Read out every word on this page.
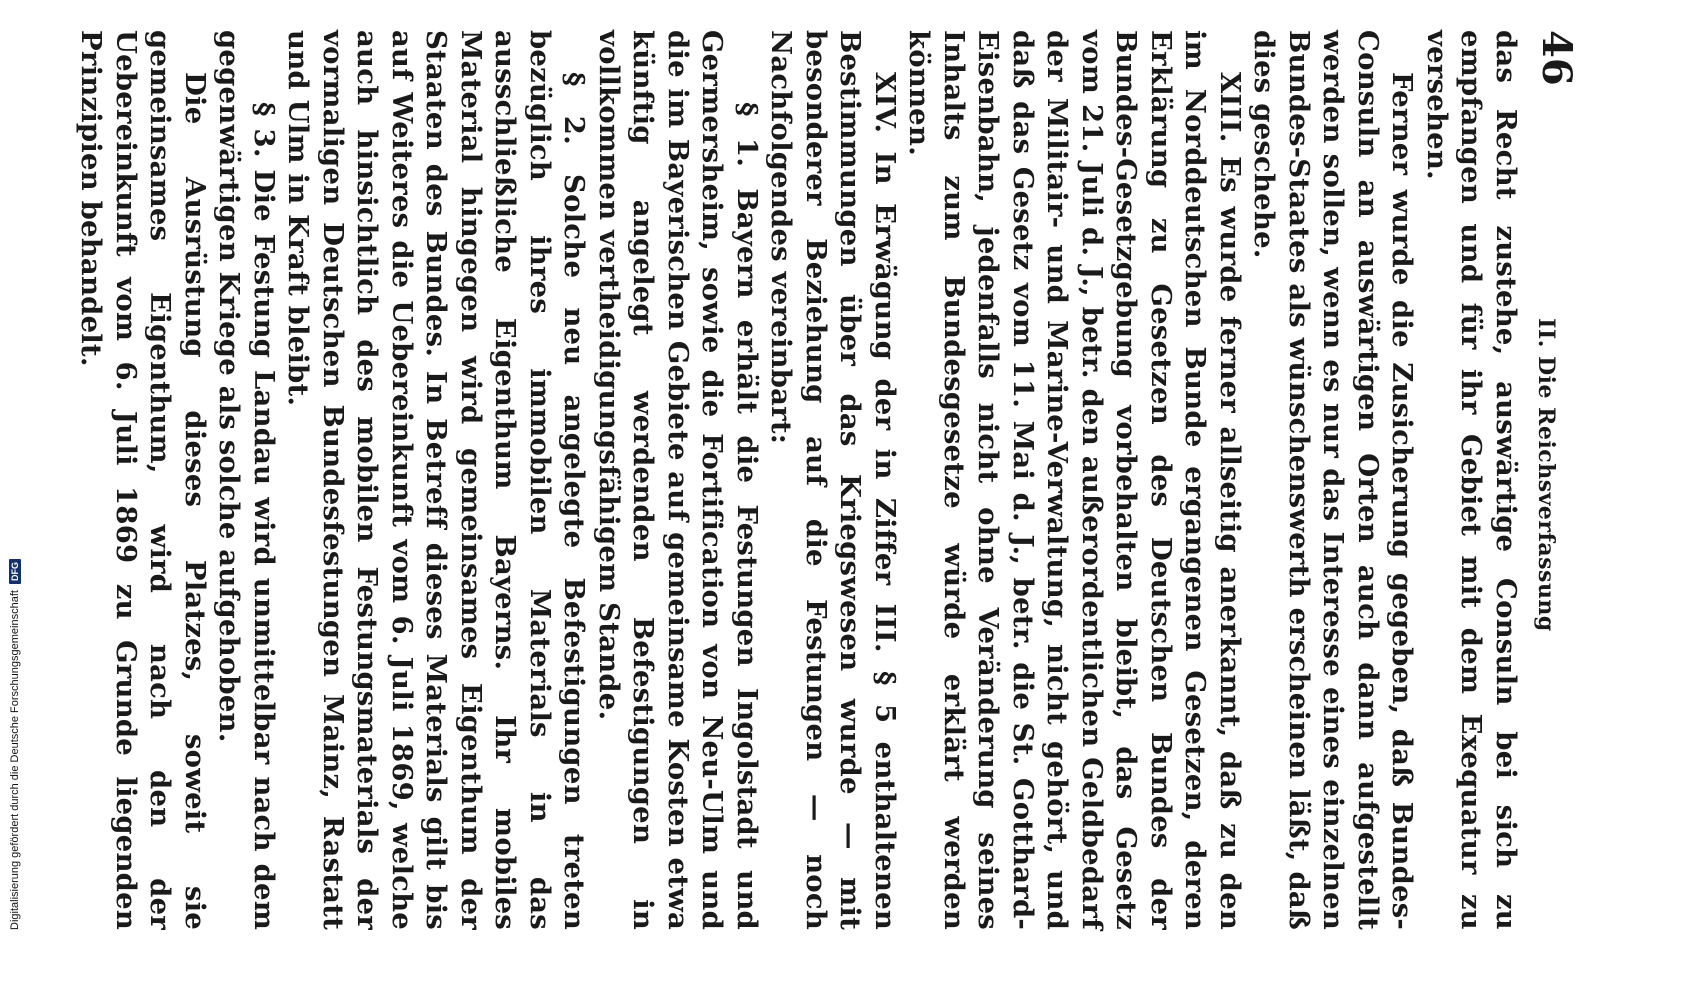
46
II. Die Reichsverfassung

das Recht zustehe, auswärtige Consuln bei sich zu empfangen und für ihr Gebiet mit dem Exequatur zu versehen.

Ferner wurde die Zusicherung gegeben, daß Bundes-Consuln an auswärtigen Orten auch dann aufgestellt werden sollen, wenn es nur das Interesse eines einzelnen Bundes-Staates als wünschenswerth erscheinen läßt, daß dies geschehe.

XIII. Es wurde ferner allseitig anerkannt, daß zu den im Norddeutschen Bunde ergangenen Gesetzen, deren Erklärung zu Gesetzen des Deutschen Bundes der Bundes-Gesetzgebung vorbehalten bleibt, das Gesetz vom 21. Juli d. J., betr. den außerordentlichen Geldbedarf der Militair- und Marine-Verwaltung, nicht gehört, und daß das Gesetz vom 11. Mai d. J., betr. die St. Gotthard-Eisenbahn, jedenfalls nicht ohne Veränderung seines Inhalts zum Bundesgesetze würde erklärt werden können.

XIV. In Erwägung der in Ziffer III. § 5 enthaltenen Bestimmungen über das Kriegswesen wurde — mit besonderer Beziehung auf die Festungen — noch Nachfolgendes vereinbart:

§ 1. Bayern erhält die Festungen Ingolstadt und Germersheim, sowie die Fortification von Neu-Ulm und die im Bayerischen Gebiete auf gemeinsame Kosten etwa künftig angelegt werdenden Befestigungen in vollkommen vertheidigungsfähigem Stande.

§ 2. Solche neu angelegte Befestigungen treten bezüglich ihres immobilen Materials in das ausschließliche Eigenthum Bayerns. Ihr mobiles Material hingegen wird gemeinsames Eigenthum der Staaten des Bundes. In Betreff dieses Materials gilt bis auf Weiteres die Uebereinkunft vom 6. Juli 1869, welche auch hinsichtlich des mobilen Festungsmaterials der vormaligen Deutschen Bundesfestungen Mainz, Rastatt und Ulm in Kraft bleibt.

§ 3. Die Festung Landau wird unmittelbar nach dem gegenwärtigen Kriege als solche aufgehoben.

Die Ausrüstung dieses Platzes, soweit sie gemeinsames Eigenthum, wird nach den der Uebereinkunft vom 6. Juli 1869 zu Grunde liegenden Prinzipien behandelt.

Digitalisierung gefördert durch die Deutsche Forschungsgemeinschaft
DFG
